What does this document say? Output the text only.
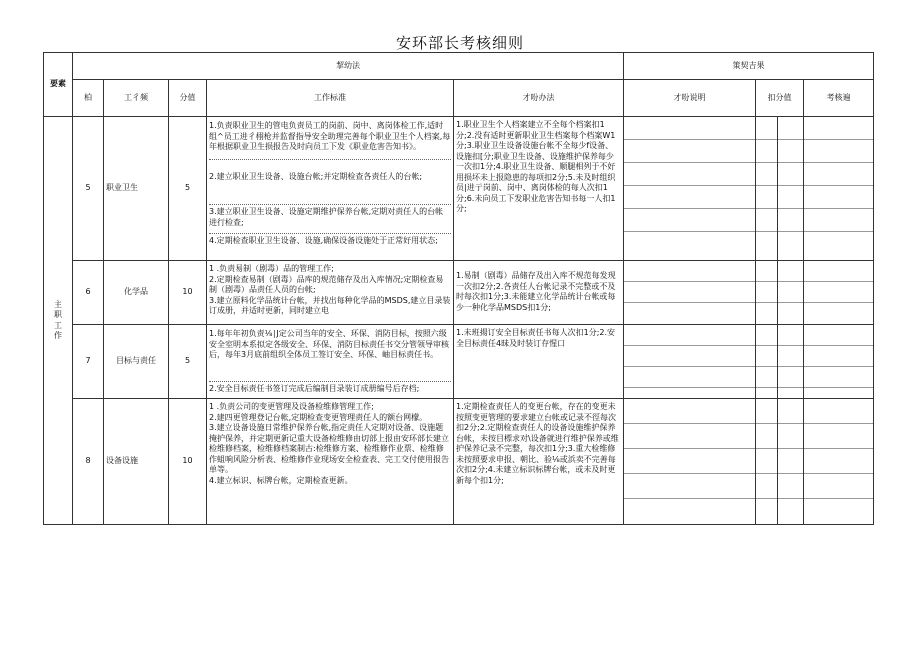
安环部长考核细则
要素	挈幼法					策契吉果			
	柏	工彳频	分值	工作标准	才吩办法	才吩说明	扣分值		考核遍

主职工作	5	职业卫生	5	1.负责职业卫生的管电负责员工的岗前、岗中、离岗体检工作,适时组^员工进彳栩枪并监督指导安全助理完善每个职业卫生个人档案,每年根据职业卫生损报告及时向员工下发《职业危害告知书》。
2.建立职业卫生设备、设施台帐;并定期检查各责任人的台帐;
3.建立职业卫生设备、设施定期维护保养台帐,定期对责任人的台帐进行检查;
4.定期检查职业卫生设备、设施,确保设备设施处于正常好用状态;	1.职业卫生个人档案建立不全每个档案扣1分;2.没有适时更新职业卫生档案每个档案W1分;3.职业卫生设备设施台帐不全每少f设备、设施扣[分;职业卫生设备、设施维护保养每少一次扣1分;4.职业卫生设备、顺腿相列于不好用损坏未上报隐患的每项扣2分;5.未及时组织员|进亍岗前、岗中、离岗体检的每人次扣1分;6.未向员工下发职业危害告知书每一人扣1分;	

	6	化学品	10	1 .负责易制（剧毒）品的管理工作;
2.定期检查易制（剧毒）品库的规范储存及出入库情况;定期检查易制（剧毒）品责任人员的台帐;
3.建立原料化学品统计台帐，并找出每种化学品的MSDS,建立目录装订成册，并适时更新，同时建立电	1.易制（剧毒）品储存及出入库不规范每发现一次扣2分;2.各责任人台帐记录不完整或不及时每次扣1分;3.未能建立化学品统计台帐或每少一种化学品MSDS扣1分;	

	7	目标与责任	5	1.每年年初负责⅛∣J定公司当年的安全、环保、消防目标，按照六级安全室明本系拟定各级安全、环保、消防目标责任书交分管领导审核后，每年3月底前组织全体员工签订安全、环保、岫目标责任书。
2.安全目标责任书签订完成后编制目录装订成册编号后存档;	1.未班揚订安全目标责任书每人次扣1分;2.安全目标责任4昧及时装订存惺口	

	8	设备设施	10	1 .负责公司的变更管理及设备检维修管理工作;
2.建四更管理登记台帐,定期检查变更管理责任人的额台网檬。
3.建立设备设施日常维护保养台帐,指定责任人定期对设备、设施题掩护保养，并定期更新记重大设备检维修由切部上报由安环部长建立检维修档案，检维修档案制古:检维修方案、检维修作业票、检维修作蛆响风险分析表、检维修作业现场安全检查表、完工交付使用报告单等。
4.建立标识、标牌台帐，定期检查更新。	1.定期检查责任人的变更台帐，存在的变更未按照变更管理的要求建立台帐或记录不徑每次扣2分;2.定期检查责任人的设备设施维护保养台帐，未按目標求对\设备就进行维护保养或维护保养记录不完整，每次扣1分;3.重大检维修未按照要求申报、朝比、验⅛或浜卖不完善每次扣2分;4.未建立标识标牌台帐，或未及时更新每个扣1分;	
